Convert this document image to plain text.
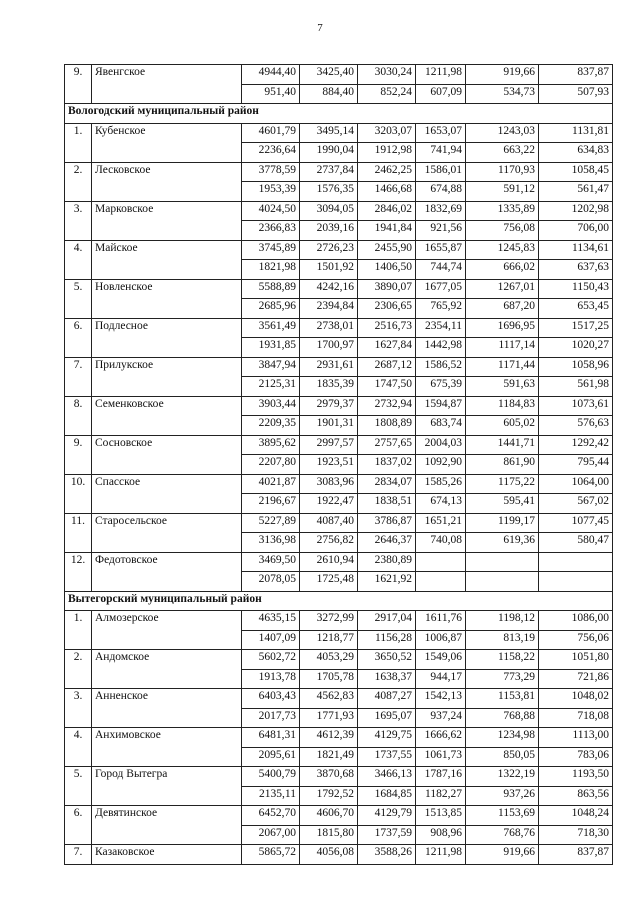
7
9.	Явенгское	4944,40	3425,40	3030,24	1211,98	919,66	837,87
		951,40	884,40	852,24	607,09	534,73	507,93
Вологодский муниципальный район							
1.	Кубенское	4601,79	3495,14	3203,07	1653,07	1243,03	1131,81
		2236,64	1990,04	1912,98	741,94	663,22	634,83
2.	Лесковское	3778,59	2737,84	2462,25	1586,01	1170,93	1058,45
		1953,39	1576,35	1466,68	674,88	591,12	561,47
3.	Марковское	4024,50	3094,05	2846,02	1832,69	1335,89	1202,98
		2366,83	2039,16	1941,84	921,56	756,08	706,00
4.	Майское	3745,89	2726,23	2455,90	1655,87	1245,83	1134,61
		1821,98	1501,92	1406,50	744,74	666,02	637,63
5.	Новленское	5588,89	4242,16	3890,07	1677,05	1267,01	1150,43
		2685,96	2394,84	2306,65	765,92	687,20	653,45
6.	Подлесное	3561,49	2738,01	2516,73	2354,11	1696,95	1517,25
		1931,85	1700,97	1627,84	1442,98	1117,14	1020,27
7.	Прилукское	3847,94	2931,61	2687,12	1586,52	1171,44	1058,96
		2125,31	1835,39	1747,50	675,39	591,63	561,98
8.	Семенковское	3903,44	2979,37	2732,94	1594,87	1184,83	1073,61
		2209,35	1901,31	1808,89	683,74	605,02	576,63
9.	Сосновское	3895,62	2997,57	2757,65	2004,03	1441,71	1292,42
		2207,80	1923,51	1837,02	1092,90	861,90	795,44
10.	Спасское	4021,87	3083,96	2834,07	1585,26	1175,22	1064,00
		2196,67	1922,47	1838,51	674,13	595,41	567,02
11.	Старосельское	5227,89	4087,40	3786,87	1651,21	1199,17	1077,45
		3136,98	2756,82	2646,37	740,08	619,36	580,47
12.	Федотовское	3469,50	2610,94	2380,89			
		2078,05	1725,48	1621,92			
Вытегорский муниципальный район							
1.	Алмозерское	4635,15	3272,99	2917,04	1611,76	1198,12	1086,00
		1407,09	1218,77	1156,28	1006,87	813,19	756,06
2.	Андомское	5602,72	4053,29	3650,52	1549,06	1158,22	1051,80
		1913,78	1705,78	1638,37	944,17	773,29	721,86
3.	Анненское	6403,43	4562,83	4087,27	1542,13	1153,81	1048,02
		2017,73	1771,93	1695,07	937,24	768,88	718,08
4.	Анхимовское	6481,31	4612,39	4129,75	1666,62	1234,98	1113,00
		2095,61	1821,49	1737,55	1061,73	850,05	783,06
5.	Город Вытегра	5400,79	3870,68	3466,13	1787,16	1322,19	1193,50
		2135,11	1792,52	1684,85	1182,27	937,26	863,56
6.	Девятинское	6452,70	4606,70	4129,79	1513,85	1153,69	1048,24
		2067,00	1815,80	1737,59	908,96	768,76	718,30
7.	Казаковское	5865,72	4056,08	3588,26	1211,98	919,66	837,87
